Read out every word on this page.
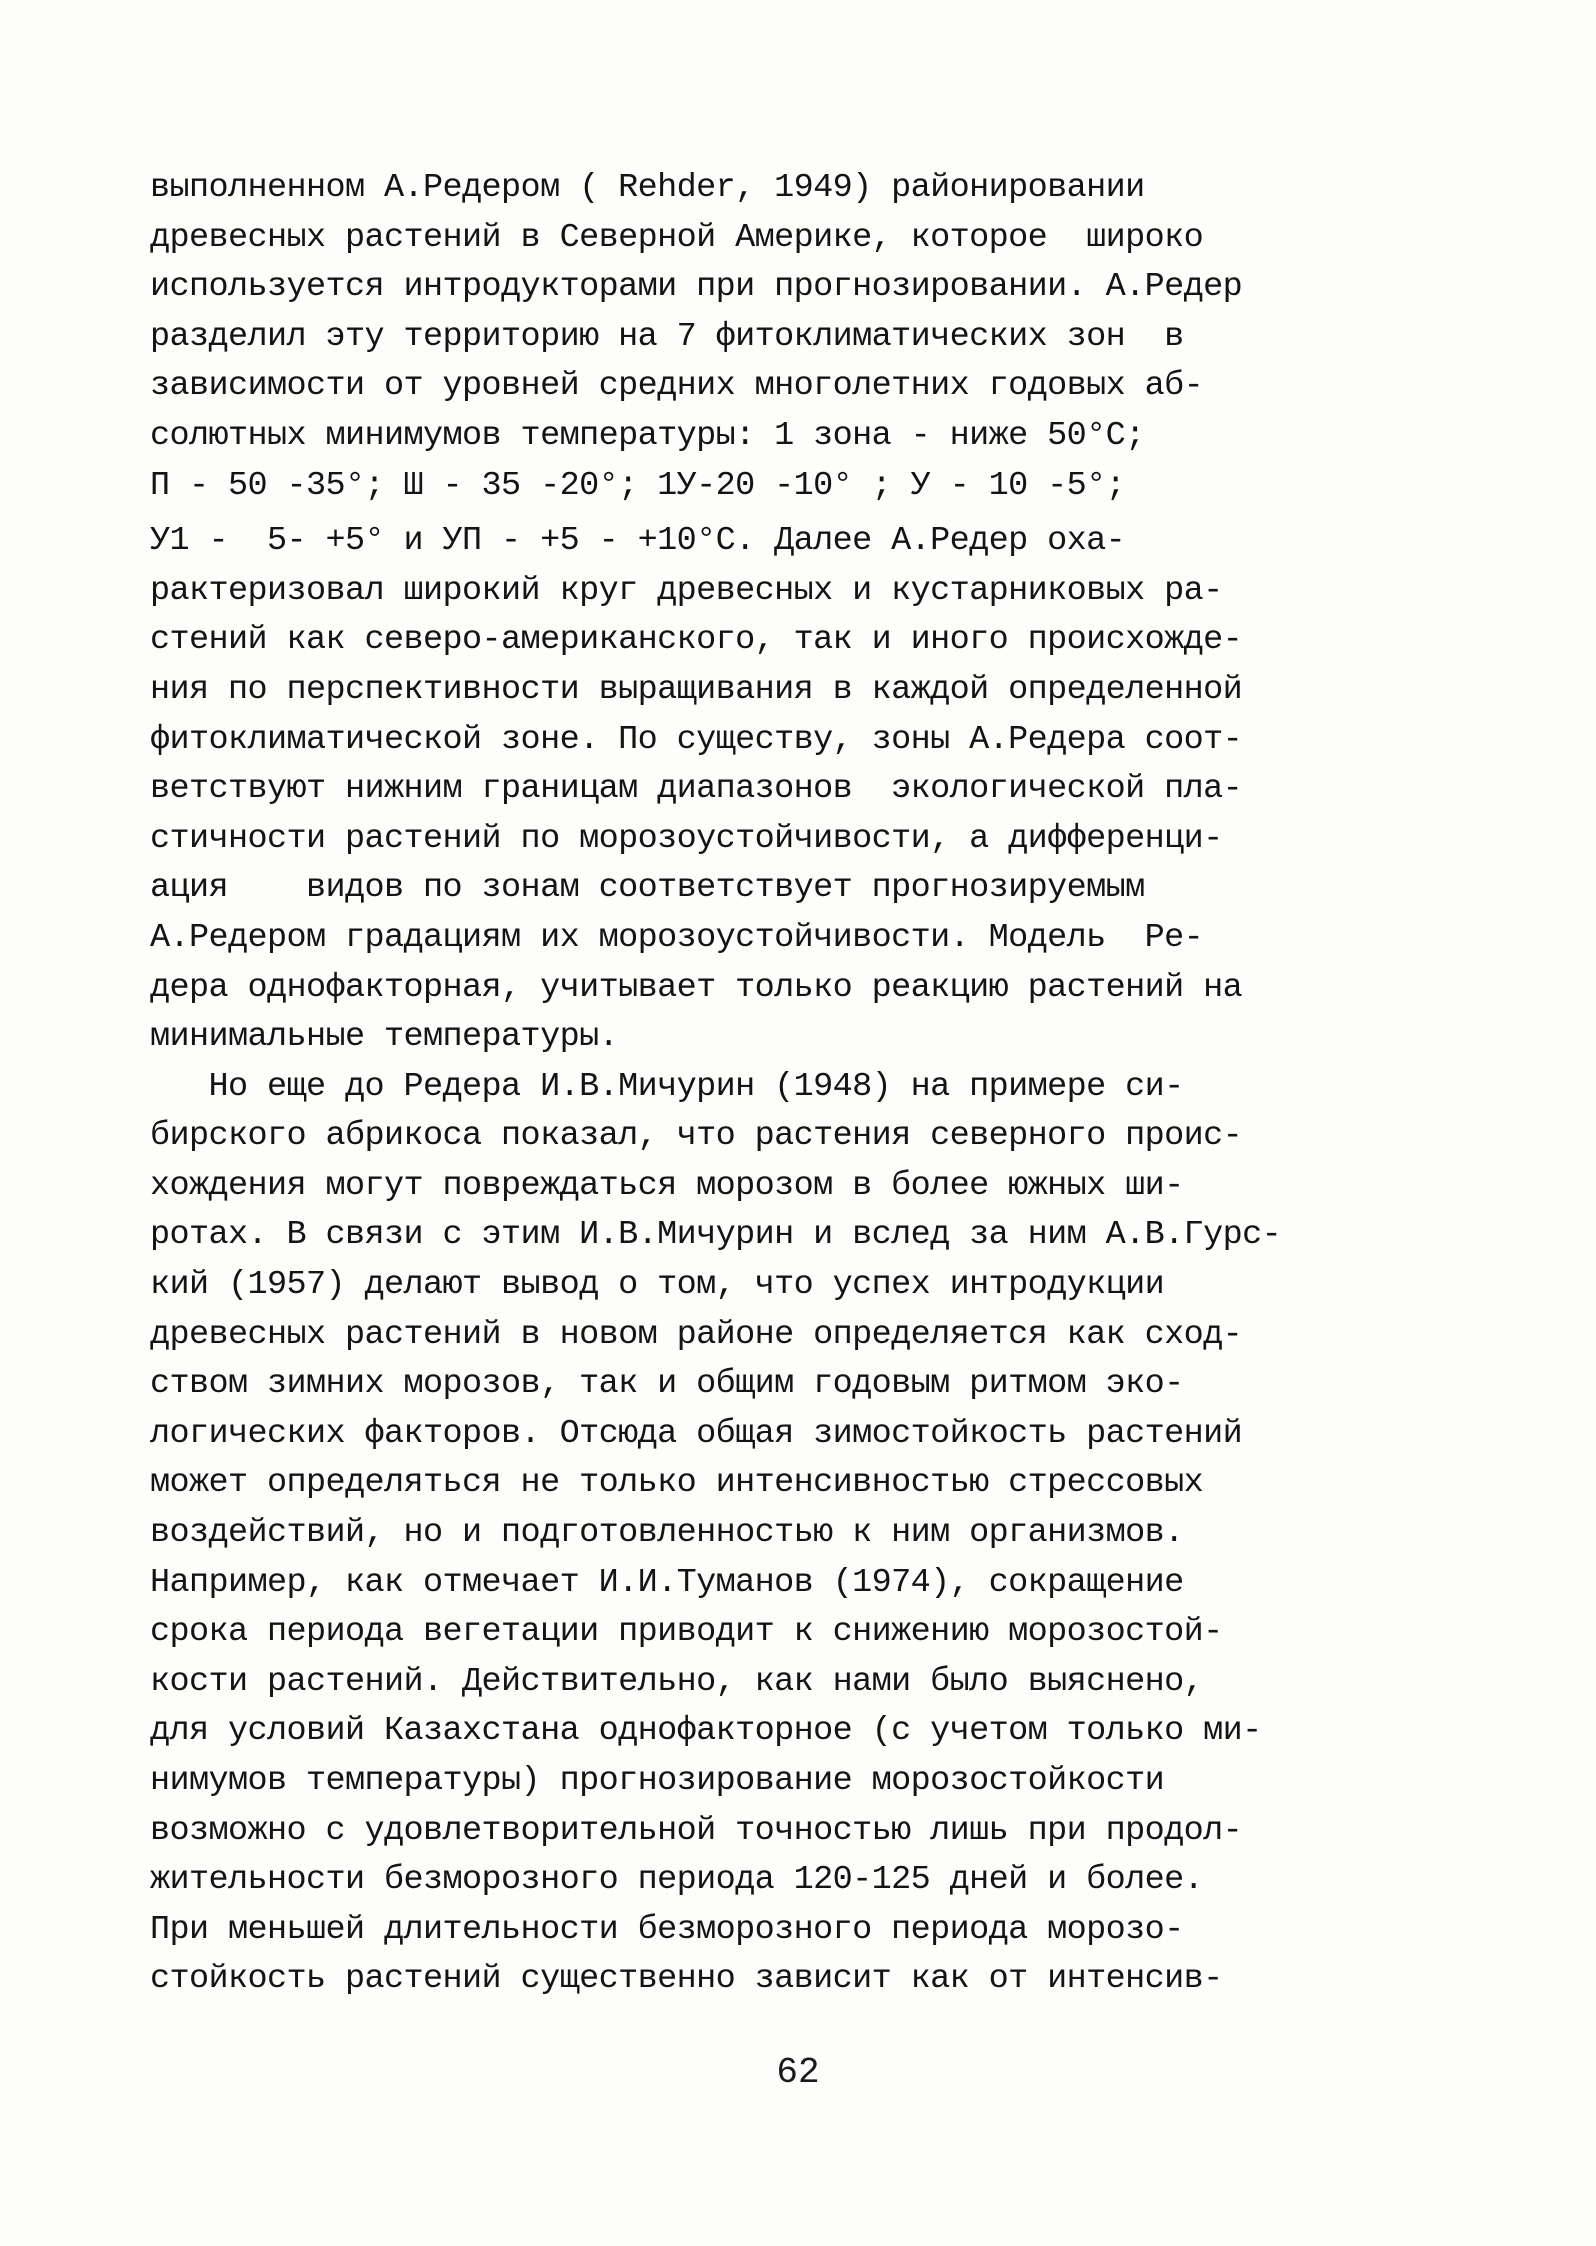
выполненном А.Редером ( Rehder, 1949) районировании
древесных растений в Северной Америке, которое  широко
используется интродукторами при прогнозировании. А.Редер
разделил эту территорию на 7 фитоклиматических зон  в
зависимости от уровней средних многолетних годовых аб-
солютных минимумов температуры: 1 зона - ниже 50°С;
П - 50 -35°; Ш - 35 -20°; 1У-20 -10° ; У - 10 -5°;
У1 -  5- +5° и УП - +5 - +10°С. Далее А.Редер оха-
рактеризовал широкий круг древесных и кустарниковых ра-
стений как северо-американского, так и иного происхожде-
ния по перспективности выращивания в каждой определенной
фитоклиматической зоне. По существу, зоны А.Редера соот-
ветствуют нижним границам диапазонов  экологической пла-
стичности растений по морозоустойчивости, а дифференци-
ация    видов по зонам соответствует прогнозируемым
А.Редером градациям их морозоустойчивости. Модель  Ре-
дера однофакторная, учитывает только реакцию растений на
минимальные температуры.
Но еще до Редера И.В.Мичурин (1948) на примере си-
бирского абрикоса показал, что растения северного проис-
хождения могут повреждаться морозом в более южных ши-
ротах. В связи с этим И.В.Мичурин и вслед за ним А.В.Гурс-
кий (1957) делают вывод о том, что успех интродукции
древесных растений в новом районе определяется как сход-
ством зимних морозов, так и общим годовым ритмом эко-
логических факторов. Отсюда общая зимостойкость растений
может определяться не только интенсивностью стрессовых
воздействий, но и подготовленностью к ним организмов.
Например, как отмечает И.И.Туманов (1974), сокращение
срока периода вегетации приводит к снижению морозостой-
кости растений. Действительно, как нами было выяснено,
для условий Казахстана однофакторное (с учетом только ми-
нимумов температуры) прогнозирование морозостойкости
возможно с удовлетворительной точностью лишь при продол-
жительности безморозного периода 120-125 дней и более.
При меньшей длительности безморозного периода морозо-
стойкость растений существенно зависит как от интенсив-
62
